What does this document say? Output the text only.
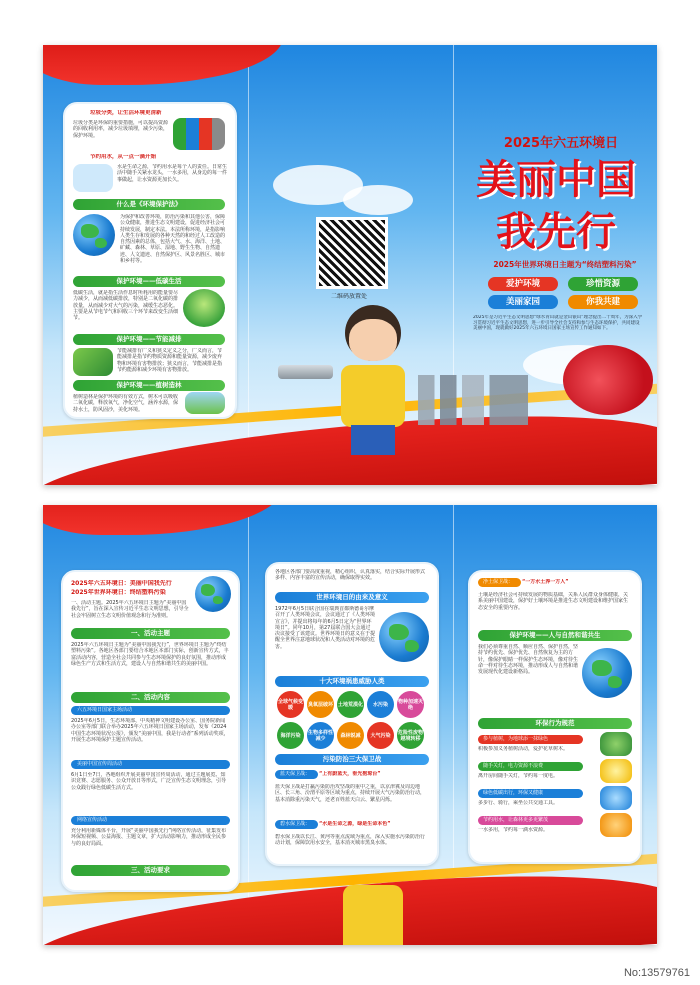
垃圾分类，让生活环境更清新
垃圾分类是环保的重要措施，可以提高资源的回收利用率，减少垃圾填埋，减少污染，保护环境。
节约用水，从一点一滴开始
水是生命之源，节约用水是每个人的责任。日常生活中随手关紧水龙头，一水多用，从身边的每一件事做起，让水资源更加长久。
什么是《环境保护法》
为保护和改善环境，防治污染和其他公害，保障公众健康，推进生态文明建设，促进经济社会可持续发展，制定本法。本法所称环境，是指影响人类生存和发展的各种天然的和经过人工改造的自然因素的总体，包括大气、水、海洋、土地、矿藏、森林、草原、湿地、野生生物、自然遗迹、人文遗迹、自然保护区、风景名胜区、城市和乡村等。
保护环境——低碳生活
低碳生活，就是指生活作息时所耗用的能量要尽力减少，从而减低碳排放，特别是二氧化碳的排放量，从而减少对大气的污染，减缓生态恶化。主要是从节电节气和回收三个环节来改变生活细节。
保护环境——节能减排
节能减排有广义和狭义定义之分，广义而言，节能减排是指节约物质资源和能量资源，减少废弃物和环境有害物排放；狭义而言，节能减排是指节约能源和减少环境有害物排放。
保护环境——植树造林
植树造林是保护环境的有效方式，树木可以吸收二氧化碳，释放氧气，净化空气，涵养水源，保持水土，防风固沙，美化环境。
二维码放置处
2025年六五环境日
美丽中国
我先行
2025年世界环境日主题为“终结塑料污染”
爱护环境	珍惜资源
美丽家园	你我共建
2025年是习近平生态文明思想“绿水青山就是金山银山”理念提出二十周年，为深入学习贯彻习近平生态文明思想，进一步引导全社会支持和参与生态环境保护，共同建设美丽中国，现就做好2025年六五环境日国家主场宣传工作通知如下。
2025年六五环境日：美丽中国我先行
2025年世界环境日：终结塑料污染
一、活动主题。2025年六五环境日主题为“美丽中国我先行”，旨在深入宣传习近平生态文明思想，引导全社会牢固树立生态文明价值观念和行为准则。
一、活动主题
2025年六五环境日主题为“美丽中国我先行”，世界环境日主题为“终结塑料污染”。各地区各部门要结合本地区本部门实际，创新宣传方式，丰富活动内容，营造全社会共同参与生态环境保护的良好氛围，推动形成绿色生产方式和生活方式，建设人与自然和谐共生的美丽中国。
二、活动内容
六五环境日国家主场活动
2025年6月5日，生态环境部、中央精神文明建设办公室、国务院新闻办公室等部门联合举办2025年六五环境日国家主场活动，发布《2024中国生态环境状况公报》，颁发“美丽中国，我是行动者”系列活动奖项，开展生态环境保护主题宣传活动。
美丽中国宣传周活动
6月1日至7日，各地组织开展美丽中国宣传周活动，通过主题展览、知识竞赛、志愿服务、公众开放日等形式，广泛宣传生态文明理念，引导公众践行绿色低碳生活方式。
网络宣传活动
充分利用新媒体平台，开展“美丽中国我先行”网络宣传活动，征集发布环保短视频、公益海报、主题文章，扩大活动影响力，推动形成全民参与的良好局面。
三、活动要求
各地区各部门要高度重视，精心组织，认真落实，结合实际开展形式多样、内容丰富的宣传活动，确保取得实效。
世界环境日的由来及意义
1972年6月5日联合国在瑞典首都斯德哥尔摩召开了人类环境会议，会议通过了《人类环境宣言》，并提出将每年的6月5日定为“世界环境日”。同年10月，第27届联合国大会通过决议接受了该建议。世界环境日的意义在于提醒全世界注意地球状况和人类活动对环境的危害。
十大环境祸患威胁人类
全球气候变暖	臭氧层破坏 土地荒漠化	水污染	物种加速灭绝
海洋污染	生物多样性减少	森林锐减	大气污染	危险性废物越境转移
污染防治三大保卫战
蓝天保卫战：	“上有蔚蓝天，垂光抱琼台”
蓝天保卫战是打赢污染防治攻坚战的重中之重，以京津冀及周边地区、长三角、汾渭平原等区域为重点，持续开展大气污染防治行动，基本消除重污染天气，还老百姓蓝天白云、繁星闪烁。
碧水保卫战：	“水是生命之源，绿是生命本色”
碧水保卫战以长江、黄河等重点流域为重点，深入实施水污染防治行动计划，保障饮用水安全，基本消灭城市黑臭水体。
净土保卫战：	“一方水土养一方人”
土壤是经济社会可持续发展的物质基础，关系人民群众身体健康，关系美丽中国建设，保护好土壤环境是推进生态文明建设和维护国家生态安全的重要内容。
保护环境——人与自然和谐共生
我们必须尊重自然、顺应自然、保护自然，坚持节约优先、保护优先、自然恢复为主的方针，像保护眼睛一样保护生态环境，像对待生命一样对待生态环境，推动形成人与自然和谐发展现代化建设新格局。
环保行为规范
参与植树，为地球添一抹绿色
积极参加义务植树活动，爱护花草树木。
随手关灯，电力资源不浪费
离开房间随手关灯，节约每一度电。
绿色低碳出行，环保又健康
多步行、骑行，乘坐公共交通工具。
节约用水，让森林更多更繁茂
一水多用，节约每一滴水资源。
No:13579761
